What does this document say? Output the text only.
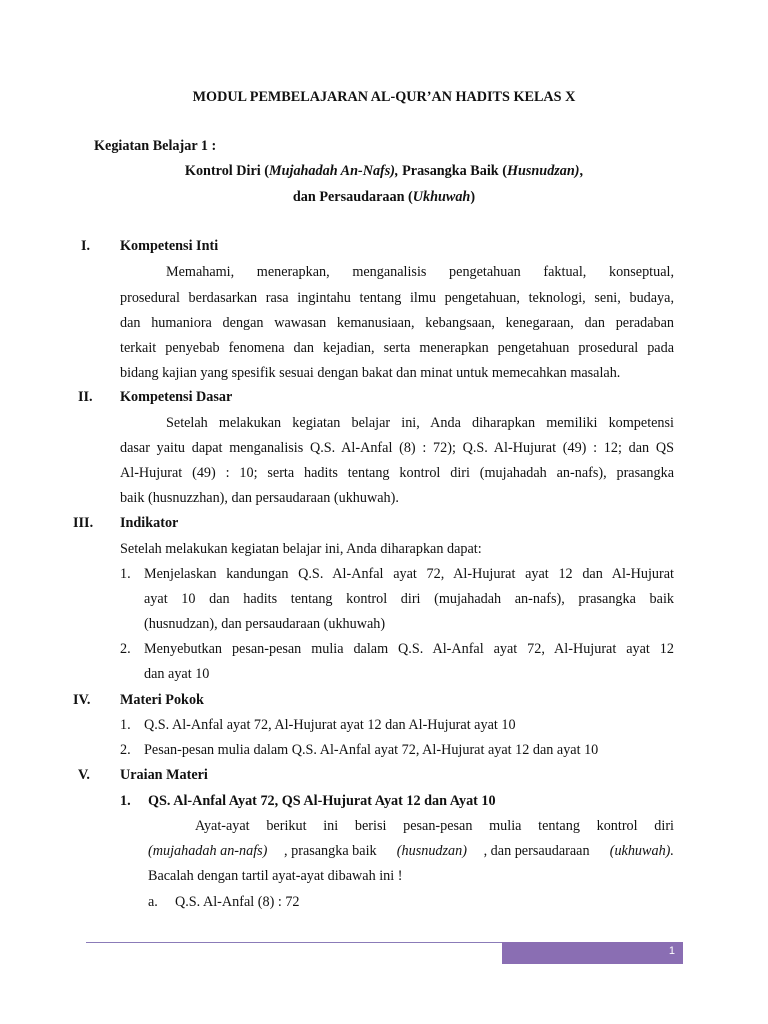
MODUL PEMBELAJARAN AL-QUR’AN HADITS KELAS X
Kegiatan Belajar 1 :
Kontrol Diri (Mujahadah An-Nafs), Prasangka Baik (Husnudzan),
dan Persaudaraan (Ukhuwah)
I. Kompetensi Inti
Memahami, menerapkan, menganalisis pengetahuan faktual, konseptual,
prosedural berdasarkan rasa ingintahu tentang ilmu pengetahuan, teknologi, seni, budaya,
dan humaniora dengan wawasan kemanusiaan, kebangsaan, kenegaraan, dan peradaban
terkait penyebab fenomena dan kejadian, serta menerapkan pengetahuan prosedural pada
bidang kajian yang spesifik sesuai dengan bakat dan minat untuk memecahkan masalah.
II. Kompetensi Dasar
Setelah melakukan kegiatan belajar ini, Anda diharapkan memiliki kompetensi
dasar yaitu dapat menganalisis Q.S. Al-Anfal (8) : 72); Q.S. Al-Hujurat (49) : 12; dan QS
Al-Hujurat (49) : 10; serta hadits tentang kontrol diri (mujahadah an-nafs), prasangka
baik (husnuzzhan), dan persaudaraan (ukhuwah).
III. Indikator
Setelah melakukan kegiatan belajar ini, Anda diharapkan dapat:
1. Menjelaskan kandungan Q.S. Al-Anfal ayat 72, Al-Hujurat ayat 12 dan Al-Hujurat
ayat 10 dan hadits tentang kontrol diri (mujahadah an-nafs), prasangka baik
(husnudzan), dan persaudaraan (ukhuwah)
2. Menyebutkan pesan-pesan mulia dalam Q.S. Al-Anfal ayat 72, Al-Hujurat ayat 12
dan ayat 10
IV. Materi Pokok
1. Q.S. Al-Anfal ayat 72, Al-Hujurat ayat 12 dan Al-Hujurat ayat 10
2. Pesan-pesan mulia dalam Q.S. Al-Anfal ayat 72, Al-Hujurat ayat 12 dan ayat 10
V. Uraian Materi
1. QS. Al-Anfal Ayat 72, QS Al-Hujurat Ayat 12 dan Ayat 10
Ayat-ayat berikut ini berisi pesan-pesan mulia tentang kontrol diri
(mujahadah an-nafs) , prasangka baik (husnudzan) , dan persaudaraan (ukhuwah).
Bacalah dengan tartil ayat-ayat dibawah ini !
a. Q.S. Al-Anfal (8) : 72
1
